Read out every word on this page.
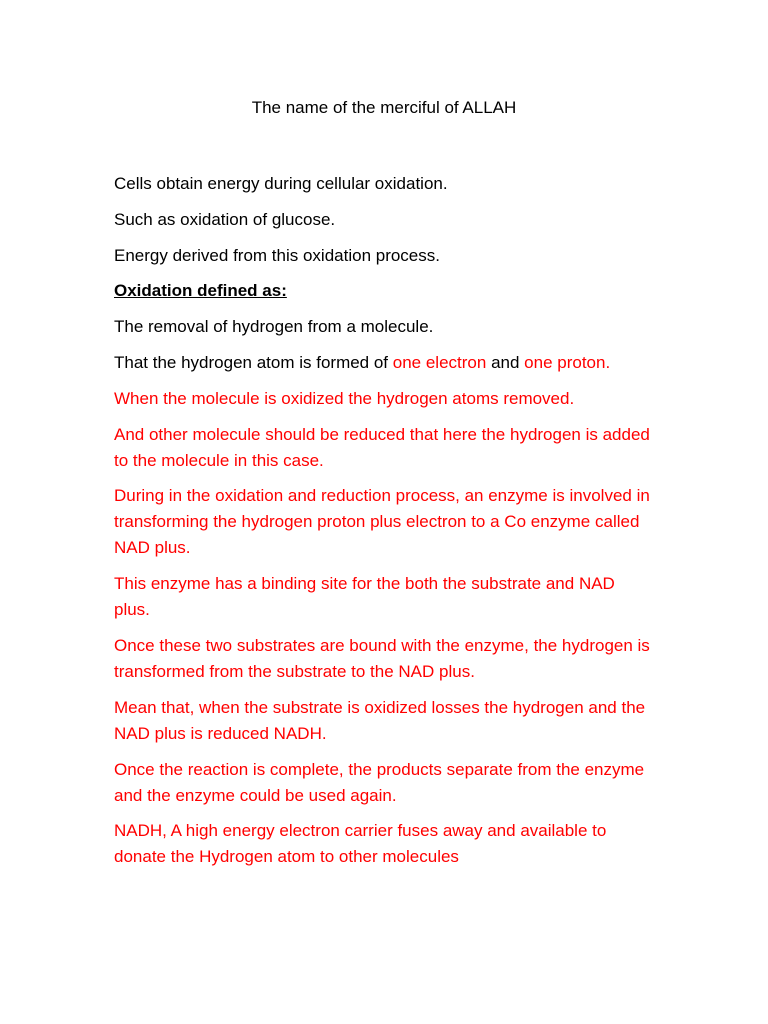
The name of the merciful of ALLAH

Cells obtain energy during cellular oxidation.

Such as oxidation of glucose.

Energy derived from this oxidation process.

Oxidation defined as:

The removal of hydrogen from a molecule.

That the hydrogen atom is formed of one electron and one proton.

When the molecule is oxidized the hydrogen atoms removed.

And other molecule should be reduced that here the hydrogen is added to the molecule in this case.

During in the oxidation and reduction process, an enzyme is involved in transforming the hydrogen proton plus electron to a Co enzyme called NAD plus.

This enzyme has a binding site for the both the substrate and NAD plus.

Once these two substrates are bound with the enzyme, the hydrogen is transformed from the substrate to the NAD plus.

Mean that, when the substrate is oxidized losses the hydrogen and the NAD plus is reduced NADH.

Once the reaction is complete, the products separate from the enzyme and the enzyme could be used again.

NADH, A high energy electron carrier fuses away and available to donate the Hydrogen atom to other molecules
